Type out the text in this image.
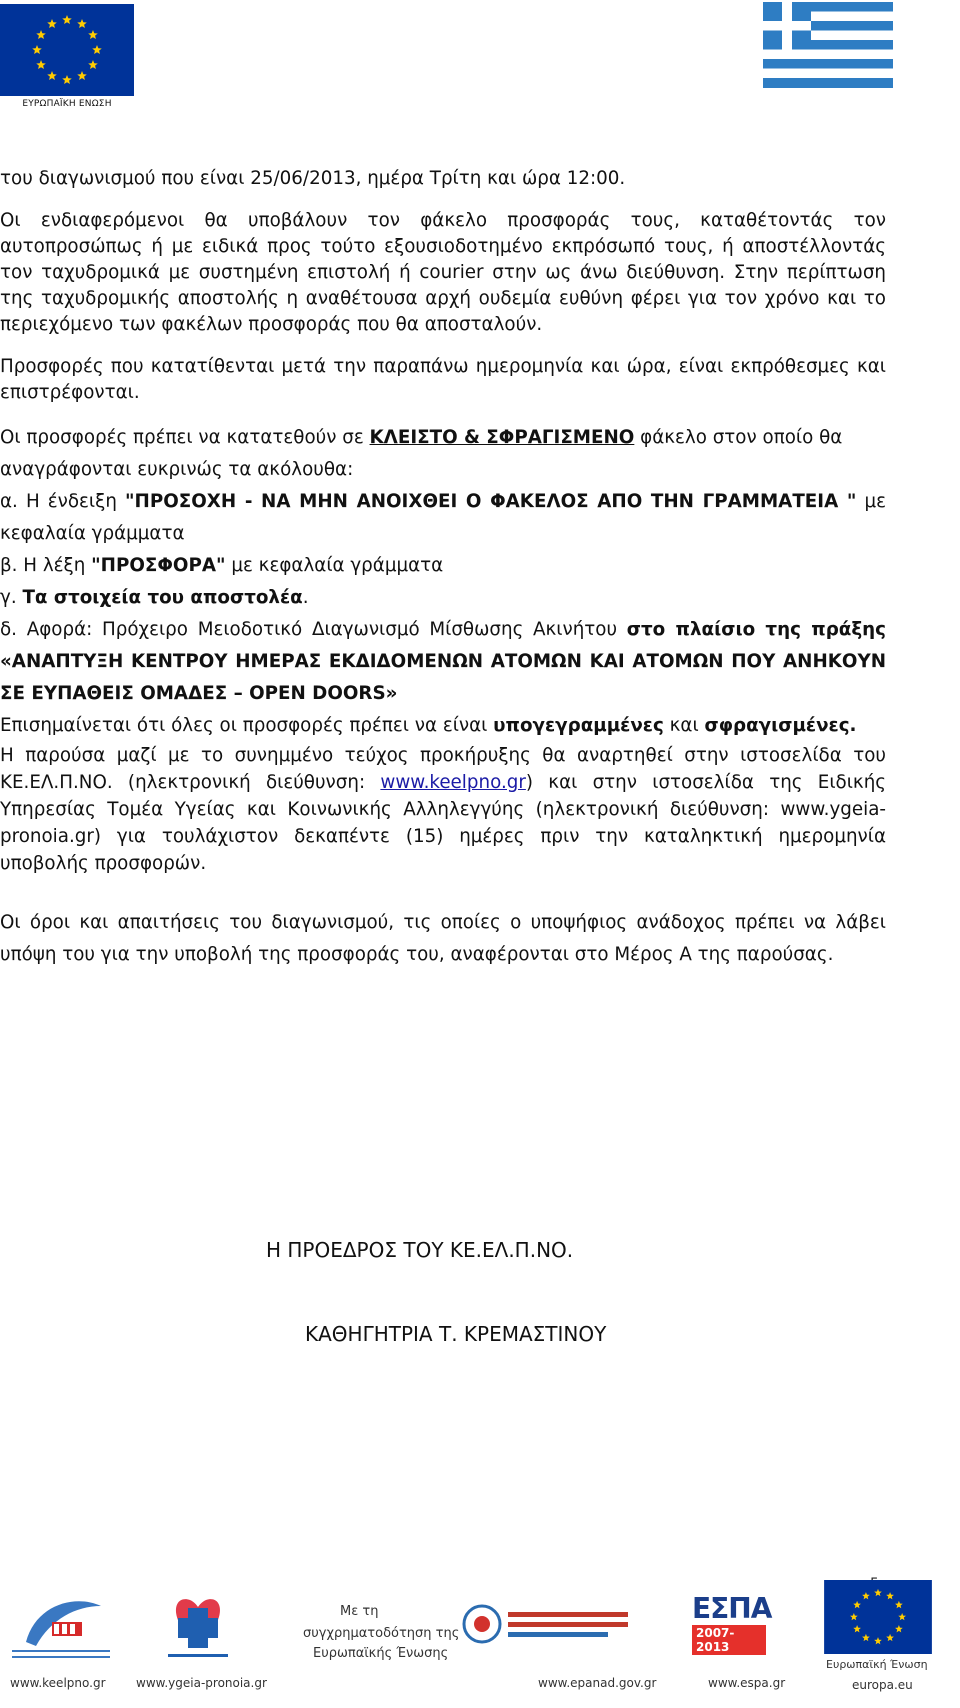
ΕΥΡΩΠΑΪΚΗ ΕΝΩΣΗ

του διαγωνισμού που είναι 25/06/2013, ημέρα Τρίτη και ώρα 12:00.

Οι ενδιαφερόμενοι θα υποβάλουν τον φάκελο προσφοράς τους, καταθέτοντάς τον αυτοπροσώπως ή με ειδικά προς τούτο εξουσιοδοτημένο εκπρόσωπό τους, ή αποστέλλοντάς τον ταχυδρομικά με συστημένη επιστολή ή courier στην ως άνω διεύθυνση. Στην περίπτωση της ταχυδρομικής αποστολής η αναθέτουσα αρχή ουδεμία ευθύνη φέρει για τον χρόνο και το περιεχόμενο των φακέλων προσφοράς που θα αποσταλούν.

Προσφορές που κατατίθενται μετά την παραπάνω ημερομηνία και ώρα, είναι εκπρόθεσμες και επιστρέφονται.

Οι προσφορές πρέπει να κατατεθούν σε ΚΛΕΙΣΤΟ & ΣΦΡΑΓΙΣΜΕΝΟ φάκελο στον οποίο θα αναγράφονται ευκρινώς τα ακόλουθα:

α. Η ένδειξη "ΠΡΟΣΟΧΗ - ΝΑ ΜΗΝ ΑΝΟΙΧΘΕΙ Ο ΦΑΚΕΛΟΣ ΑΠΟ ΤΗΝ ΓΡΑΜΜΑΤΕΙΑ " με κεφαλαία γράμματα

β. Η λέξη "ΠΡΟΣΦΟΡΑ" με κεφαλαία γράμματα

γ. Τα στοιχεία του αποστολέα.

δ. Αφορά: Πρόχειρο Μειοδοτικό Διαγωνισμό Μίσθωσης Ακινήτου στο πλαίσιο της πράξης «ΑΝΑΠΤΥΞΗ ΚΕΝΤΡΟΥ ΗΜΕΡΑΣ ΕΚΔΙΔΟΜΕΝΩΝ ΑΤΟΜΩΝ ΚΑΙ ΑΤΟΜΩΝ ΠΟΥ ΑΝΗΚΟΥΝ ΣΕ ΕΥΠΑΘΕΙΣ ΟΜΑΔΕΣ – OPEN DOORS»

Επισημαίνεται ότι όλες οι προσφορές πρέπει να είναι υπογεγραμμένες και σφραγισμένες.

Η παρούσα μαζί με το συνημμένο τεύχος προκήρυξης θα αναρτηθεί στην ιστοσελίδα του ΚΕ.ΕΛ.Π.ΝΟ. (ηλεκτρονική διεύθυνση: www.keelpno.gr) και στην ιστοσελίδα της Ειδικής Υπηρεσίας Τομέα Υγείας και Κοινωνικής Αλληλεγγύης (ηλεκτρονική διεύθυνση: www.ygeia-pronoia.gr) για τουλάχιστον δεκαπέντε (15) ημέρες πριν την καταληκτική ημερομηνία υποβολής προσφορών.

Οι όροι και απαιτήσεις του διαγωνισμού, τις οποίες ο υποψήφιος ανάδοχος πρέπει να λάβει υπόψη του για την υποβολή της προσφοράς του, αναφέρονται στο Μέρος Α της παρούσας.

Η ΠΡΟΕΔΡΟΣ ΤΟΥ ΚΕ.ΕΛ.Π.ΝΟ.
ΚΑΘΗΓΗΤΡΙΑ Τ. ΚΡΕΜΑΣΤΙΝΟΥ
www.keelpno.gr	www.ygeia-pronoia.gr
Με τη
συγχρηματοδότηση της
Ευρωπαϊκής Ένωσης
www.epanad.gov.gr
ΕΣΠΑ
2007-2013
www.espa.gr
Ευρωπαϊκή Ένωση
europa.eu
